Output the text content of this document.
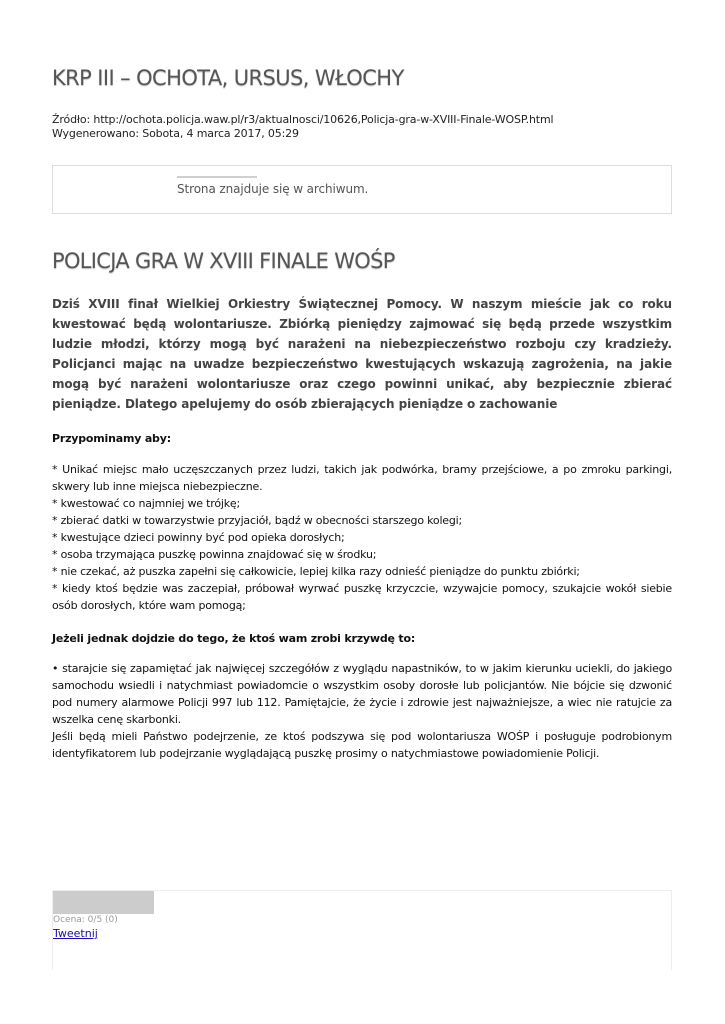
KRP III – OCHOTA, URSUS, WŁOCHY
Źródło: http://ochota.policja.waw.pl/r3/aktualnosci/10626,Policja-gra-w-XVIII-Finale-WOSP.html
Wygenerowano: Sobota, 4 marca 2017, 05:29
Strona znajduje się w archiwum.
POLICJA GRA W XVIII FINALE WOŚP

Dziś XVIII finał Wielkiej Orkiestry Świątecznej Pomocy. W naszym mieście jak co roku kwestować będą wolontariusze. Zbiórką pieniędzy zajmować się będą przede wszystkim ludzie młodzi, którzy mogą być narażeni na niebezpieczeństwo rozboju czy kradzieży. Policjanci mając na uwadze bezpieczeństwo kwestujących wskazują zagrożenia, na jakie mogą być narażeni wolontariusze oraz czego powinni unikać, aby bezpiecznie zbierać pieniądze. Dlatego apelujemy do osób zbierających pieniądze o zachowanie

Przypominamy aby:

* Unikać miejsc mało uczęszczanych przez ludzi, takich jak podwórka, bramy przejściowe, a po zmroku parkingi, skwery lub inne miejsca niebezpieczne.

* kwestować co najmniej we trójkę;

* zbierać datki w towarzystwie przyjaciół, bądź w obecności starszego kolegi;

* kwestujące dzieci powinny być pod opieka dorosłych;

* osoba trzymająca puszkę powinna znajdować się w środku;

* nie czekać, aż puszka zapełni się całkowicie, lepiej kilka razy odnieść pieniądze do punktu zbiórki;

* kiedy ktoś będzie was zaczepiał, próbował wyrwać puszkę krzyczcie, wzywajcie pomocy, szukajcie wokół siebie osób dorosłych, które wam pomogą;

Jeżeli jednak dojdzie do tego, że ktoś wam zrobi krzywdę to:

• starajcie się zapamiętać jak najwięcej szczegółów z wyglądu napastników, to w jakim kierunku uciekli, do jakiego samochodu wsiedli i natychmiast powiadomcie o wszystkim osoby dorosłe lub policjantów. Nie bójcie się dzwonić pod numery alarmowe Policji 997 lub 112. Pamiętajcie, że życie i zdrowie jest najważniejsze, a wiec nie ratujcie za wszelka cenę skarbonki.

Jeśli będą mieli Państwo podejrzenie, ze ktoś podszywa się pod wolontariusza WOŚP i posługuje podrobionym identyfikatorem lub podejrzanie wyglądającą puszkę prosimy o natychmiastowe powiadomienie Policji.

Ocena: 0/5 (0)
Tweetnij
